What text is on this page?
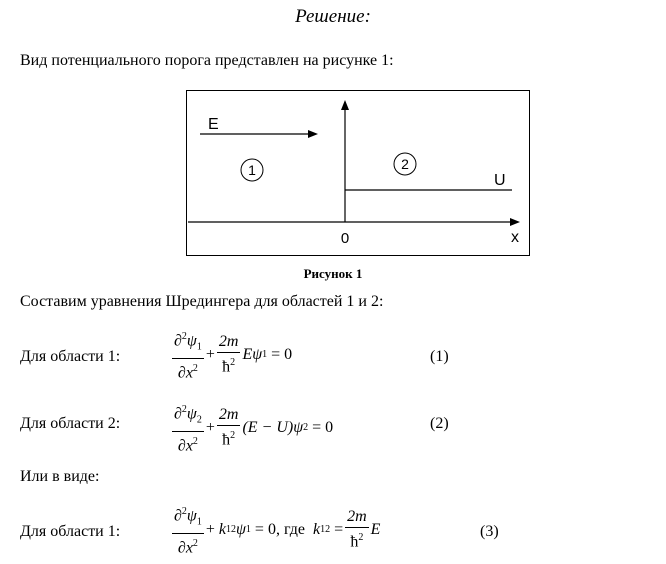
Решение:
Вид потенциального порога представлен на рисунке 1:
E
1	2
U
0	x
Рисунок 1
Составим уравнения Шредингера для областей 1 и 2:
Для области 1:	$\frac{\partial^2\psi_1}{\partial x^2} + \frac{2m}{ħ^2}$ E ψ 1 = 0	(1)
Для области 2:	$\frac{\partial^2\psi_2}{\partial x^2} + \frac{2m}{ħ^2} (E - U)$ ψ 2 = 0	(2)
Или в виде:
Для области 1:	$\frac{\partial^2\psi_1}{\partial x^2} + k$ 1 2 ψ 1 = 0 , где k 1 $2 = \frac{2m}{ħ^2}$ E	(3)
